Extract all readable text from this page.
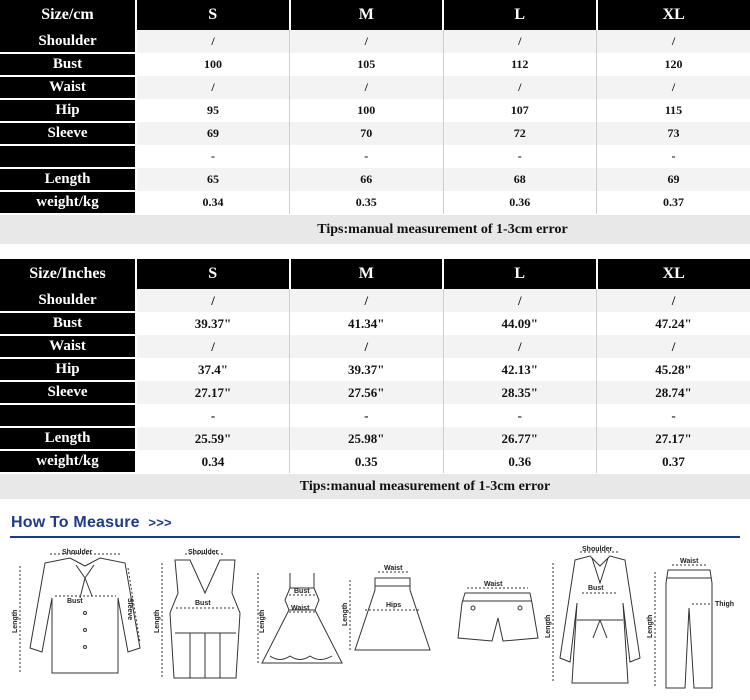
Size/cm	S	M	L	XL
Shoulder	/	/	/	/
Bust	100	105	112	120
Waist	/	/	/	/
Hip	95	100	107	115
Sleeve	69	70	72	73
	-	-	-	-
Length	65	66	68	69
weight/kg	0.34	0.35	0.36	0.37
Tips:manual measurement of 1-3cm error
Size/Inches	S	M	L	XL
Shoulder	/	/	/	/
Bust	39.37"	41.34"	44.09"	47.24"
Waist	/	/	/	/
Hip	37.4"	39.37"	42.13"	45.28"
Sleeve	27.17"	27.56"	28.35"	28.74"
	-	-	-	-
Length	25.59"	25.98"	26.77"	27.17"
weight/kg	0.34	0.35	0.36	0.37
Tips:manual measurement of 1-3cm error
How To Measure >>>
Shoulder
Bust	Sleeve
Length
Shoulder
Bust
Length
Bust
Waist
Length
Waist
Hips
Length
Waist
Shoulder
Bust
Length
Waist
Thigh
Length
